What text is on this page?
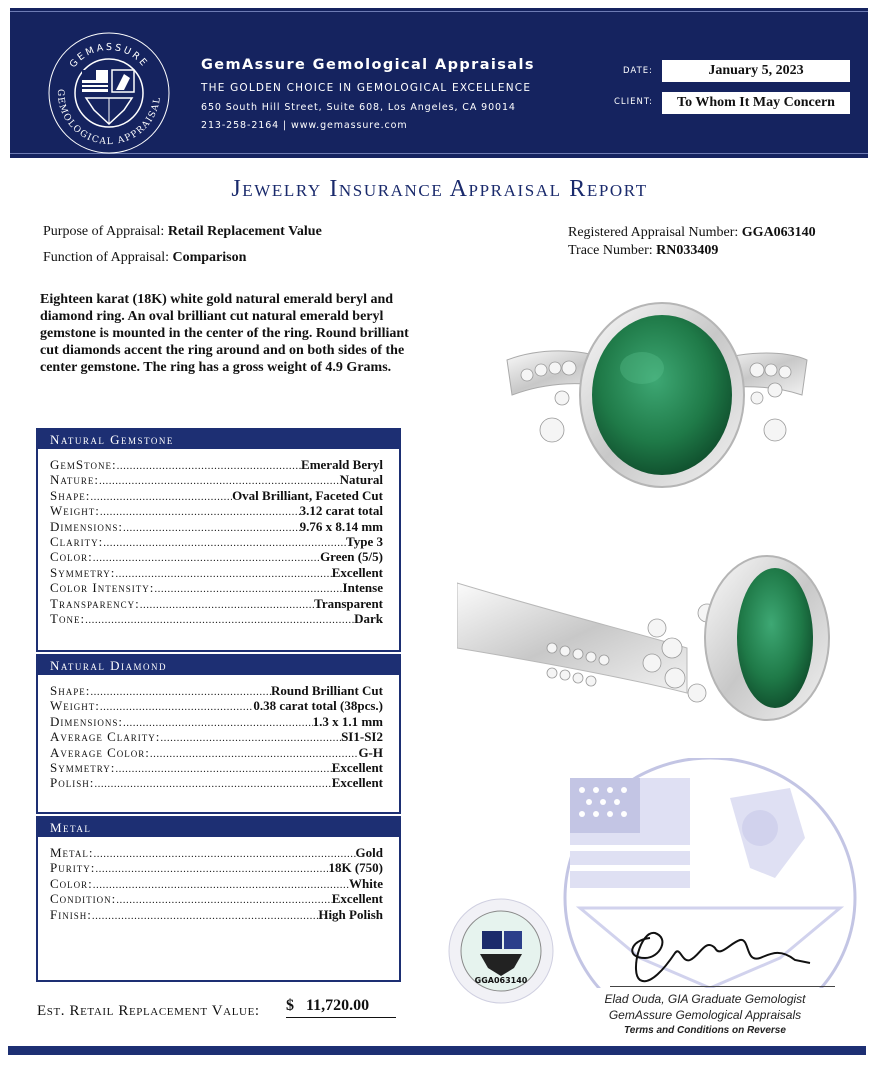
GEMASSURE
GEMOLOGICAL APPRAISAL
GemAssure Gemological Appraisals
THE GOLDEN CHOICE IN GEMOLOGICAL EXCELLENCE
650 South Hill Street, Suite 608, Los Angeles, CA 90014
213-258-2164 | www.gemassure.com
DATE:	January 5, 2023
CLIENT:	To Whom It May Concern
Jewelry Insurance Appraisal Report
Purpose of Appraisal: Retail Replacement Value
Function of Appraisal: Comparison
Registered Appraisal Number: GGA063140
Trace Number: RN033409
Eighteen karat (18K) white gold natural emerald beryl and diamond ring. An oval brilliant cut natural emerald beryl gemstone is mounted in the center of the ring. Round brilliant cut diamonds accent the ring around and on both sides of the center gemstone. The ring has a gross weight of 4.9 Grams.
Natural Gemstone
GemStone: .....	Emerald Beryl
Nature: .....	Natural
Shape: .....	Oval Brilliant, Faceted Cut
Weight: .....	3.12 carat total
Dimensions: .....	9.76 x 8.14 mm
Clarity: .....	Type 3
Color: .....	Green (5/5)
Symmetry: .....	Excellent
Color Intensity: .....	Intense
Transparency: .....	Transparent
Tone: .....	Dark
Natural Diamond
Shape: .....	Round Brilliant Cut
Weight: .....	0.38 carat total (38pcs.)
Dimensions: .....	1.3 x 1.1 mm
Average Clarity: .....	SI1-SI2
Average Color: .....	G-H
Symmetry: .....	Excellent
Polish: .....	Excellent
Metal
Metal: .....	Gold
Purity: .....	18K (750)
Color: .....	White
Condition: .....	Excellent
Finish: .....	High Polish
GGA063140
Elad Ouda, GIA Graduate Gemologist
GemAssure Gemological Appraisals
Terms and Conditions on Reverse
Est. Retail Replacement Value: $ 11,720.00
